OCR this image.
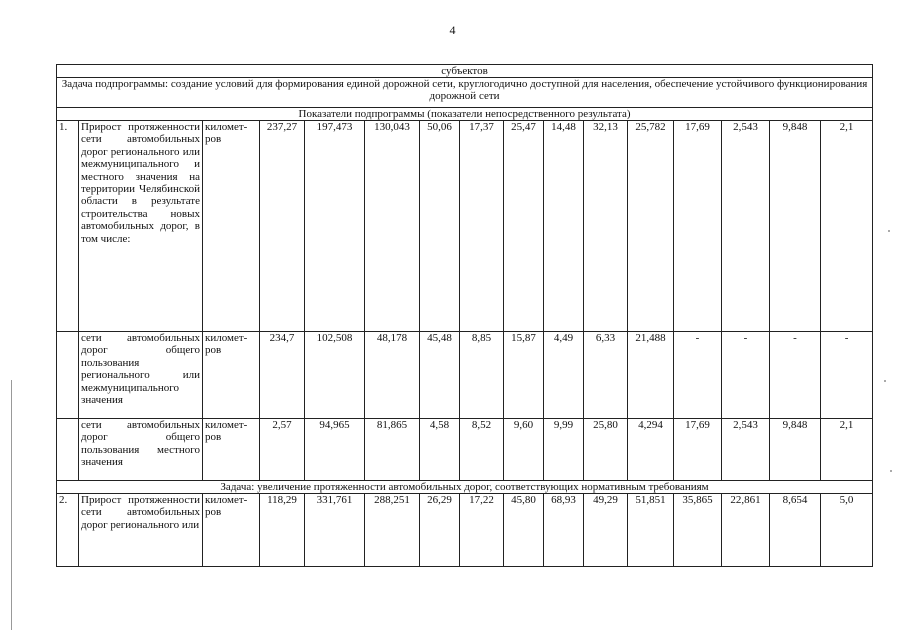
4
субъектов															
Задача подпрограммы: создание условий для формирования единой дорожной сети, круглогодично доступной для населения, обеспечение устойчивого функционирования дорожной сети															
Показатели подпрограммы (показатели непосредственного результата)															
1.	Прирост протяженности сети автомобильных дорог регионального или межмуниципального и местного значения на территории Челябинской области в результате строительства новых автомобильных дорог, в том числе:	километ-ров	237,27	197,473	130,043	50,06	17,37	25,47	14,48	32,13	25,782	17,69	2,543	9,848	2,1
	сети автомобильных дорог общего пользования регионального или межмуниципального значения	километ-ров	234,7	102,508	48,178	45,48	8,85	15,87	4,49	6,33	21,488	-	-	-	-
	сети автомобильных дорог общего пользования местного значения	километ-ров	2,57	94,965	81,865	4,58	8,52	9,60	9,99	25,80	4,294	17,69	2,543	9,848	2,1
Задача: увеличение протяженности автомобильных дорог, соответствующих нормативным требованиям															
2.	Прирост протяженности сети автомобильных дорог регионального или	километ-ров	118,29	331,761	288,251	26,29	17,22	45,80	68,93	49,29	51,851	35,865	22,861	8,654	5,0
